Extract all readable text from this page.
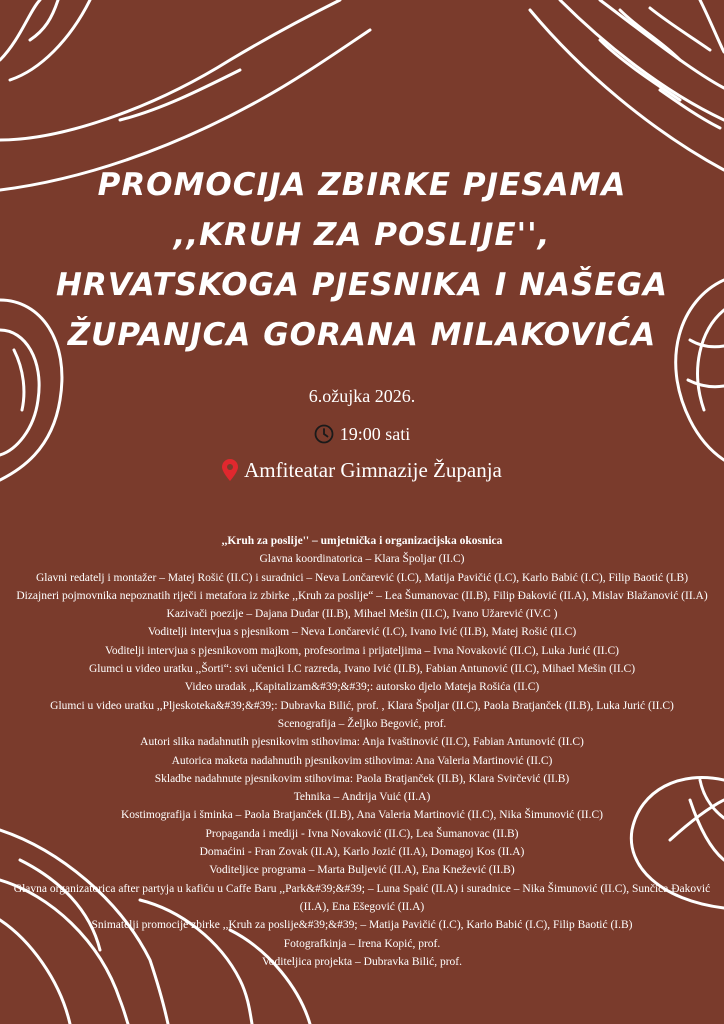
PROMOCIJA ZBIRKE PJESAMA
,,KRUH ZA POSLIJE'',
HRVATSKOGA PJESNIKA I NAŠEGA
ŽUPANJCA GORANA MILAKOVIĆA
6.ožujka 2026.
19:00 sati
Amfiteatar Gimnazije Županja
,,Kruh za poslije'' – umjetnička i organizacijska okosnica
Glavna koordinatorica – Klara Špoljar (II.C)
Glavni redatelj i montažer – Matej Rošić (II.C) i suradnici – Neva Lončarević (I.C), Matija Pavičić (I.C), Karlo Babić (I.C), Filip Baotić (I.B)
Dizajneri pojmovnika nepoznatih riječi i metafora iz zbirke ,,Kruh za poslije“ – Lea Šumanovac (II.B), Filip Đaković (II.A), Mislav Blažanović (II.A)
Kazivači poezije – Dajana Dudar (II.B), Mihael Mešin (II.C), Ivano Užarević (IV.C )
Voditelji intervjua s pjesnikom – Neva Lončarević (I.C), Ivano Ivić (II.B), Matej Rošić (II.C)
Voditelji intervjua s pjesnikovom majkom, profesorima i prijateljima – Ivna Novaković (II.C), Luka Jurić (II.C)
Glumci u video uratku ,,Šorti“: svi učenici I.C razreda, Ivano Ivić (II.B), Fabian Antunović (II.C), Mihael Mešin (II.C)
Video uradak ,,Kapitalizam&#39;&#39;: autorsko djelo Mateja Rošića (II.C)
Glumci u video uratku ,,Pljeskoteka&#39;&#39;: Dubravka Bilić, prof. , Klara Špoljar (II.C), Paola Bratjanček (II.B), Luka Jurić (II.C)
Scenografija – Željko Begović, prof.
Autori slika nadahnutih pjesnikovim stihovima: Anja Ivaštinović (II.C), Fabian Antunović (II.C)
Autorica maketa nadahnutih pjesnikovim stihovima: Ana Valeria Martinović (II.C)
Skladbe nadahnute pjesnikovim stihovima: Paola Bratjanček (II.B), Klara Svirčević (II.B)
Tehnika – Andrija Vuić (II.A)
Kostimografija i šminka – Paola Bratjanček (II.B), Ana Valeria Martinović (II.C), Nika Šimunović (II.C)
Propaganda i mediji - Ivna Novaković (II.C), Lea Šumanovac (II.B)
Domaćini - Fran Zovak (II.A), Karlo Jozić (II.A), Domagoj Kos (II.A)
Voditeljice programa – Marta Buljević (II.A), Ena Knežević (II.B)
Glavna organizatorica after partyja u kafiću u Caffe Baru ,,Park&#39;&#39; – Luna Spaić (II.A) i suradnice – Nika Šimunović (II.C), Sunčica Đaković (II.A), Ena Ešegović (II.A)
Snimatelji promocije zbirke ,,Kruh za poslije&#39;&#39; – Matija Pavičić (I.C), Karlo Babić (I.C), Filip Baotić (I.B)
Fotografkinja – Irena Kopić, prof.
Voditeljica projekta – Dubravka Bilić, prof.
